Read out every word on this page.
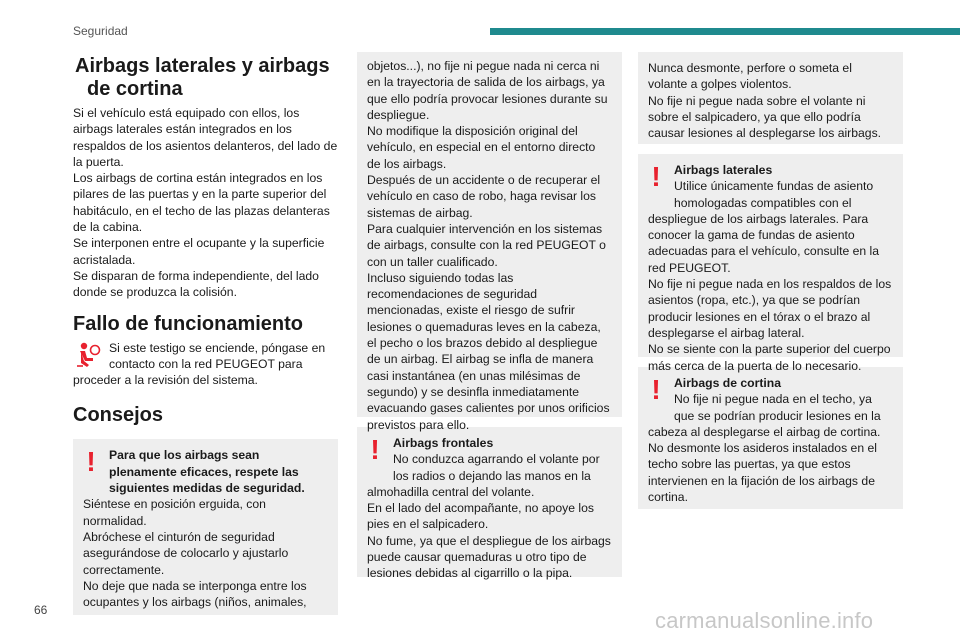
Seguridad
Airbags laterales y airbags
de cortina

Si el vehículo está equipado con ellos, los airbags laterales están integrados en los respaldos de los asientos delanteros, del lado de la puerta.
Los airbags de cortina están integrados en los pilares de las puertas y en la parte superior del habitáculo, en el techo de las plazas delanteras de la cabina.
Se interponen entre el ocupante y la superficie acristalada.
Se disparan de forma independiente, del lado donde se produzca la colisión.

Fallo de funcionamiento
Si este testigo se enciende, póngase en contacto con la red PEUGEOT para proceder a la revisión del sistema.
Consejos
!	Para que los airbags sean plenamente eficaces, respete las siguientes medidas de seguridad.
Siéntese en posición erguida, con normalidad.
Abróchese el cinturón de seguridad asegurándose de colocarlo y ajustarlo correctamente.
No deje que nada se interponga entre los ocupantes y los airbags (niños, animales,
objetos...), no fije ni pegue nada ni cerca ni en la trayectoria de salida de los airbags, ya que ello podría provocar lesiones durante su despliegue.
No modifique la disposición original del vehículo, en especial en el entorno directo de los airbags.
Después de un accidente o de recuperar el vehículo en caso de robo, haga revisar los sistemas de airbag.
Para cualquier intervención en los sistemas de airbags, consulte con la red PEUGEOT o con un taller cualificado.
Incluso siguiendo todas las recomendaciones de seguridad mencionadas, existe el riesgo de sufrir lesiones o quemaduras leves en la cabeza, el pecho o los brazos debido al despliegue de un airbag. El airbag se infla de manera casi instantánea (en unas milésimas de segundo) y se desinfla inmediatamente evacuando gases calientes por unos orificios previstos para ello.
!	Airbags frontales
No conduzca agarrando el volante por los radios o dejando las manos en la almohadilla central del volante.
En el lado del acompañante, no apoye los pies en el salpicadero.
No fume, ya que el despliegue de los airbags puede causar quemaduras u otro tipo de lesiones debidas al cigarrillo o la pipa.
Nunca desmonte, perfore o someta el volante a golpes violentos.
No fije ni pegue nada sobre el volante ni sobre el salpicadero, ya que ello podría causar lesiones al desplegarse los airbags.
!	Airbags laterales
Utilice únicamente fundas de asiento homologadas compatibles con el despliegue de los airbags laterales. Para conocer la gama de fundas de asiento adecuadas para el vehículo, consulte en la red PEUGEOT.
No fije ni pegue nada en los respaldos de los asientos (ropa, etc.), ya que se podrían producir lesiones en el tórax o el brazo al desplegarse el airbag lateral.
No se siente con la parte superior del cuerpo más cerca de la puerta de lo necesario.
!	Airbags de cortina
No fije ni pegue nada en el techo, ya que se podrían producir lesiones en la cabeza al desplegarse el airbag de cortina.
No desmonte los asideros instalados en el techo sobre las puertas, ya que estos intervienen en la fijación de los airbags de cortina.
66	carmanualsonline.info
